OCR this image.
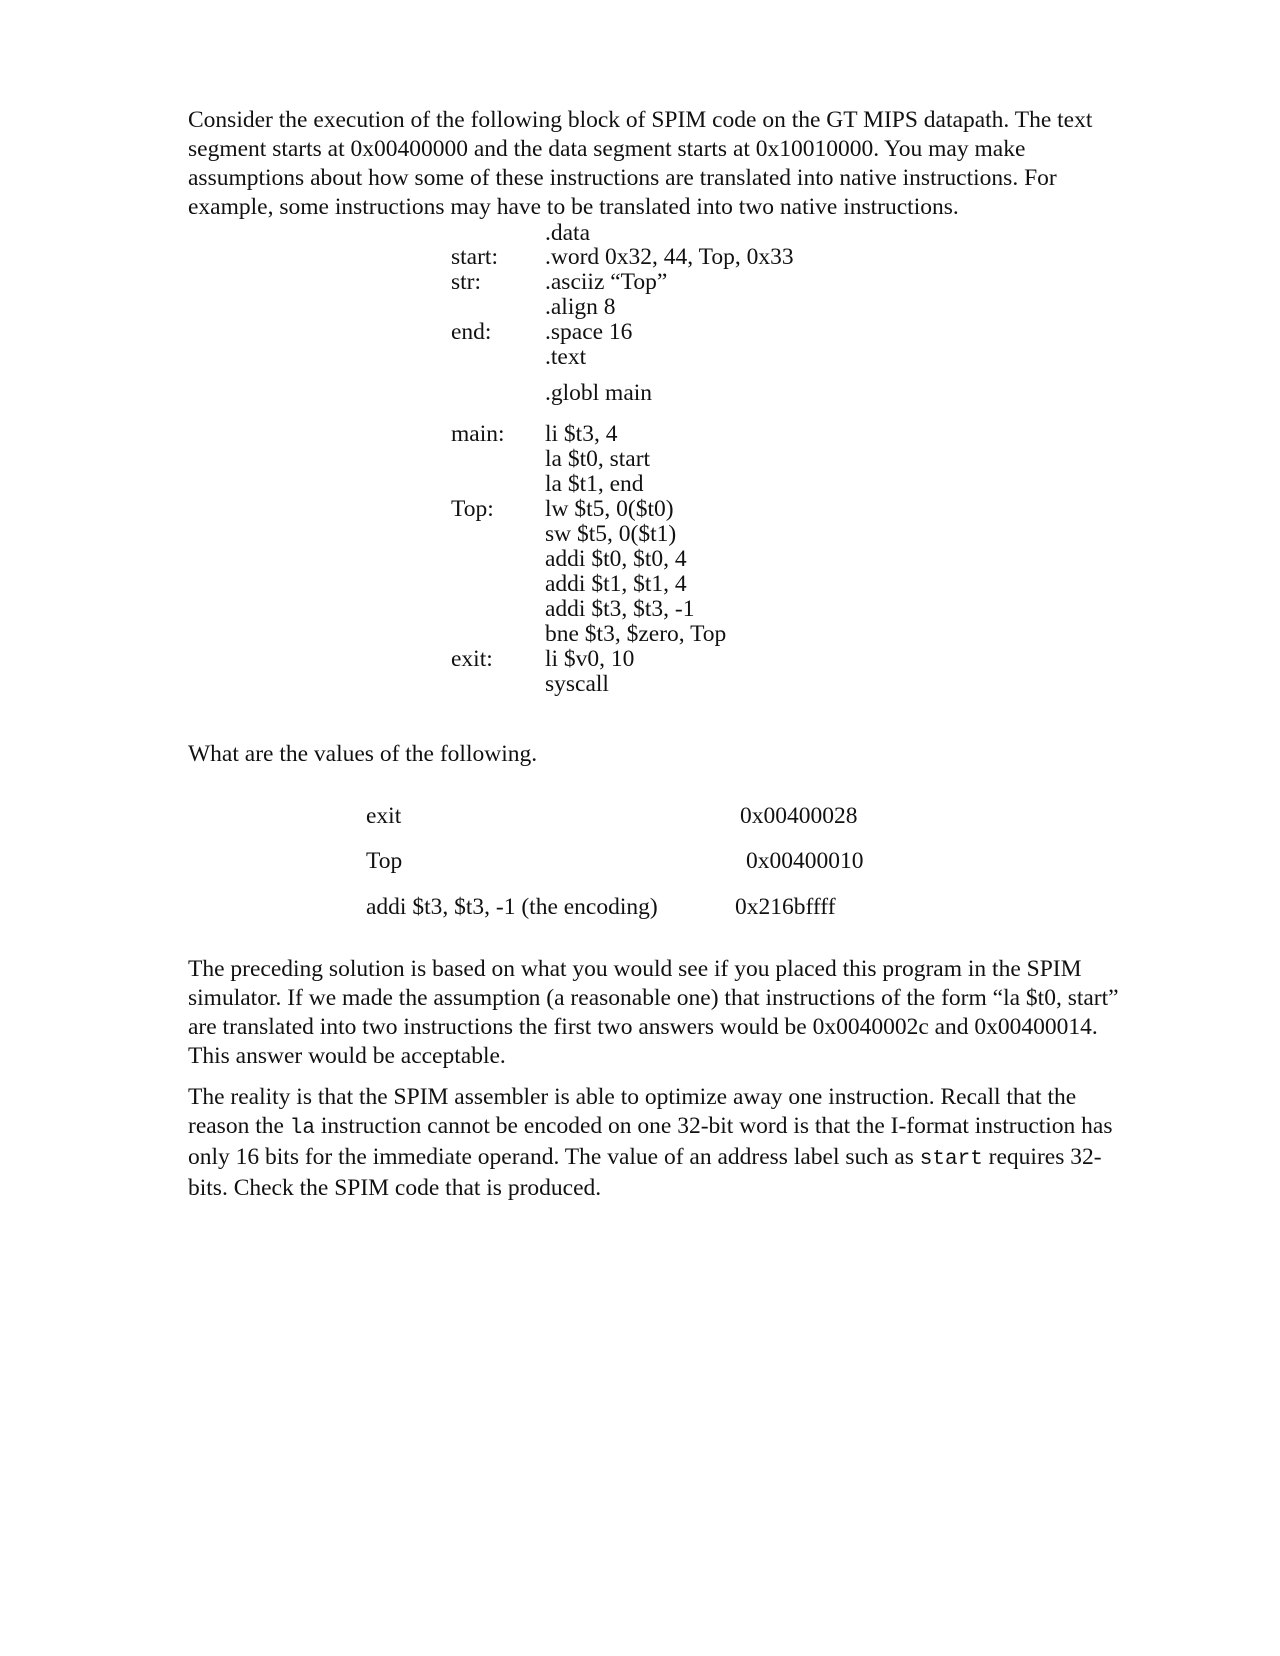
Consider the execution of the following block of SPIM code on the GT MIPS datapath. The text segment starts at 0x00400000 and the data segment starts at 0x10010000. You may make assumptions about how some of these instructions are translated into native instructions. For example, some instructions may have to be translated into two native instructions.

.data
start: .word 0x32, 44, Top, 0x33
str:	.asciiz “Top”
.align 8
end: .space 16
.text
.globl main
main: li $t3, 4
la $t0, start
la $t1, end
Top: lw $t5, 0($t0)
sw $t5, 0($t1)
addi $t0, $t0, 4
addi $t1, $t1, 4
addi $t3, $t3, -1
bne $t3, $zero, Top
exit: li $v0, 10
syscall

What are the values of the following.

exit	0x00400028
Top	0x00400010
addi $t3, $t3, -1 (the encoding)	0x216bffff

The preceding solution is based on what you would see if you placed this program in the SPIM simulator. If we made the assumption (a reasonable one) that instructions of the form “la $t0, start” are translated into two instructions the first two answers would be 0x0040002c and 0x00400014. This answer would be acceptable.

The reality is that the SPIM assembler is able to optimize away one instruction. Recall that the reason the la instruction cannot be encoded on one 32-bit word is that the I-format instruction has only 16 bits for the immediate operand. The value of an address label such as start requires 32-bits. Check the SPIM code that is produced.
